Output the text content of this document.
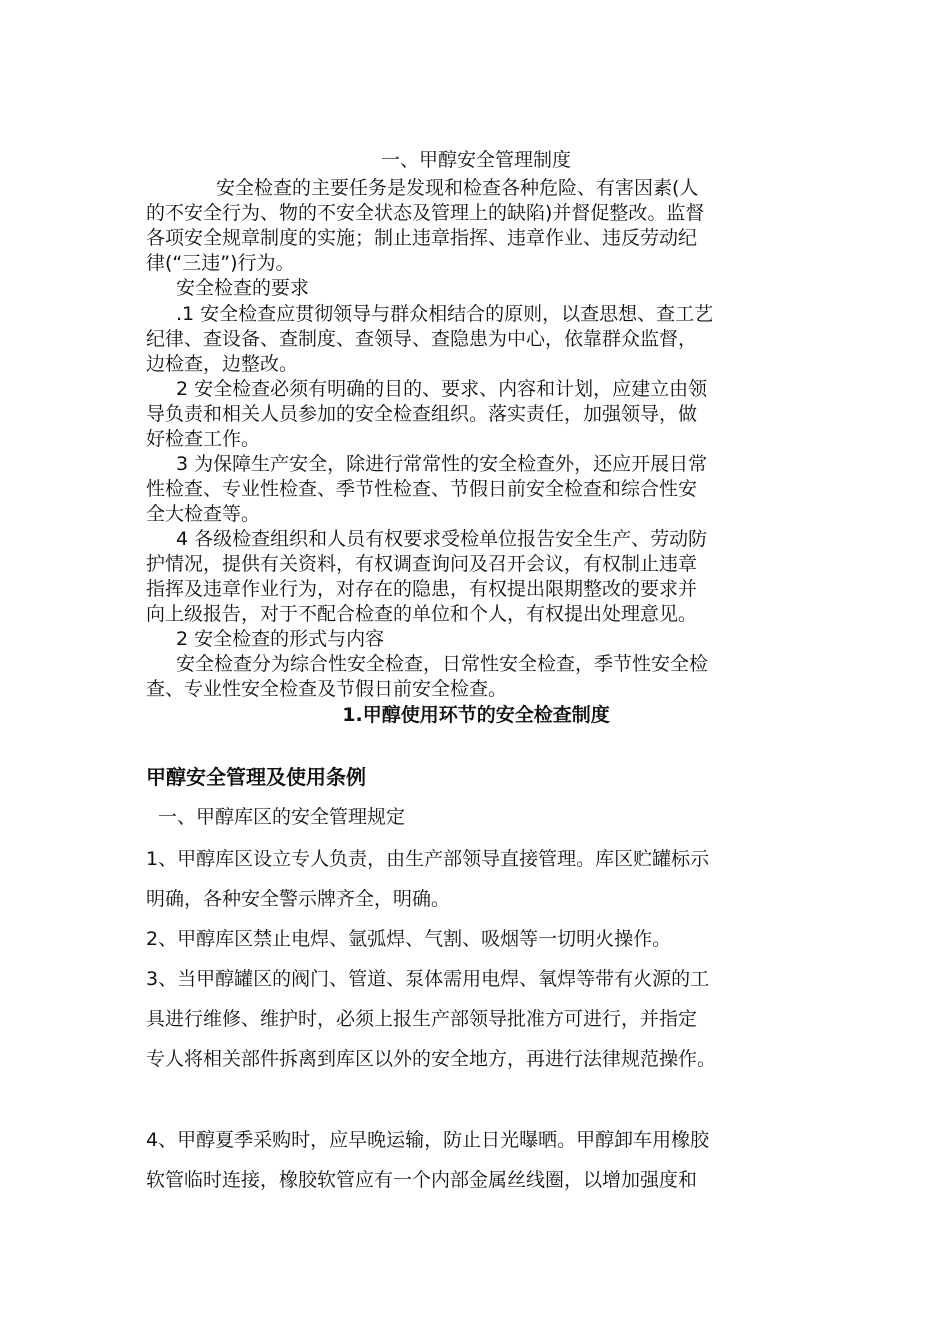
一、甲醇安全管理制度
安全检查的主要任务是发现和检查各种危险、有害因素(人
的不安全行为、物的不安全状态及管理上的缺陷)并督促整改。监督
各项安全规章制度的实施；制止违章指挥、违章作业、违反劳动纪
律(“三违”)行为。
安全检查的要求
.1 安全检查应贯彻领导与群众相结合的原则，以查思想、查工艺
纪律、查设备、查制度、查领导、查隐患为中心，依靠群众监督，
边检查，边整改。
2 安全检查必须有明确的目的、要求、内容和计划，应建立由领
导负责和相关人员参加的安全检查组织。落实责任，加强领导，做
好检查工作。
3 为保障生产安全，除进行常常性的安全检查外，还应开展日常
性检查、专业性检查、季节性检查、节假日前安全检查和综合性安
全大检查等。
4 各级检查组织和人员有权要求受检单位报告安全生产、劳动防
护情况，提供有关资料，有权调查询问及召开会议，有权制止违章
指挥及违章作业行为，对存在的隐患，有权提出限期整改的要求并
向上级报告，对于不配合检查的单位和个人，有权提出处理意见。
2 安全检查的形式与内容
安全检查分为综合性安全检查，日常性安全检查，季节性安全检
查、专业性安全检查及节假日前安全检查。
1.甲醇使用环节的安全检查制度
甲醇安全管理及使用条例
一、甲醇库区的安全管理规定
1、甲醇库区设立专人负责，由生产部领导直接管理。库区贮罐标示
明确，各种安全警示牌齐全，明确。
2、甲醇库区禁止电焊、氩弧焊、气割、吸烟等一切明火操作。
3、当甲醇罐区的阀门、管道、泵体需用电焊、氧焊等带有火源的工
具进行维修、维护时，必须上报生产部领导批准方可进行，并指定
专人将相关部件拆离到库区以外的安全地方，再进行法律规范操作。
4、甲醇夏季采购时，应早晚运输，防止日光曝晒。甲醇卸车用橡胶
软管临时连接，橡胶软管应有一个内部金属丝线圈，以增加强度和
